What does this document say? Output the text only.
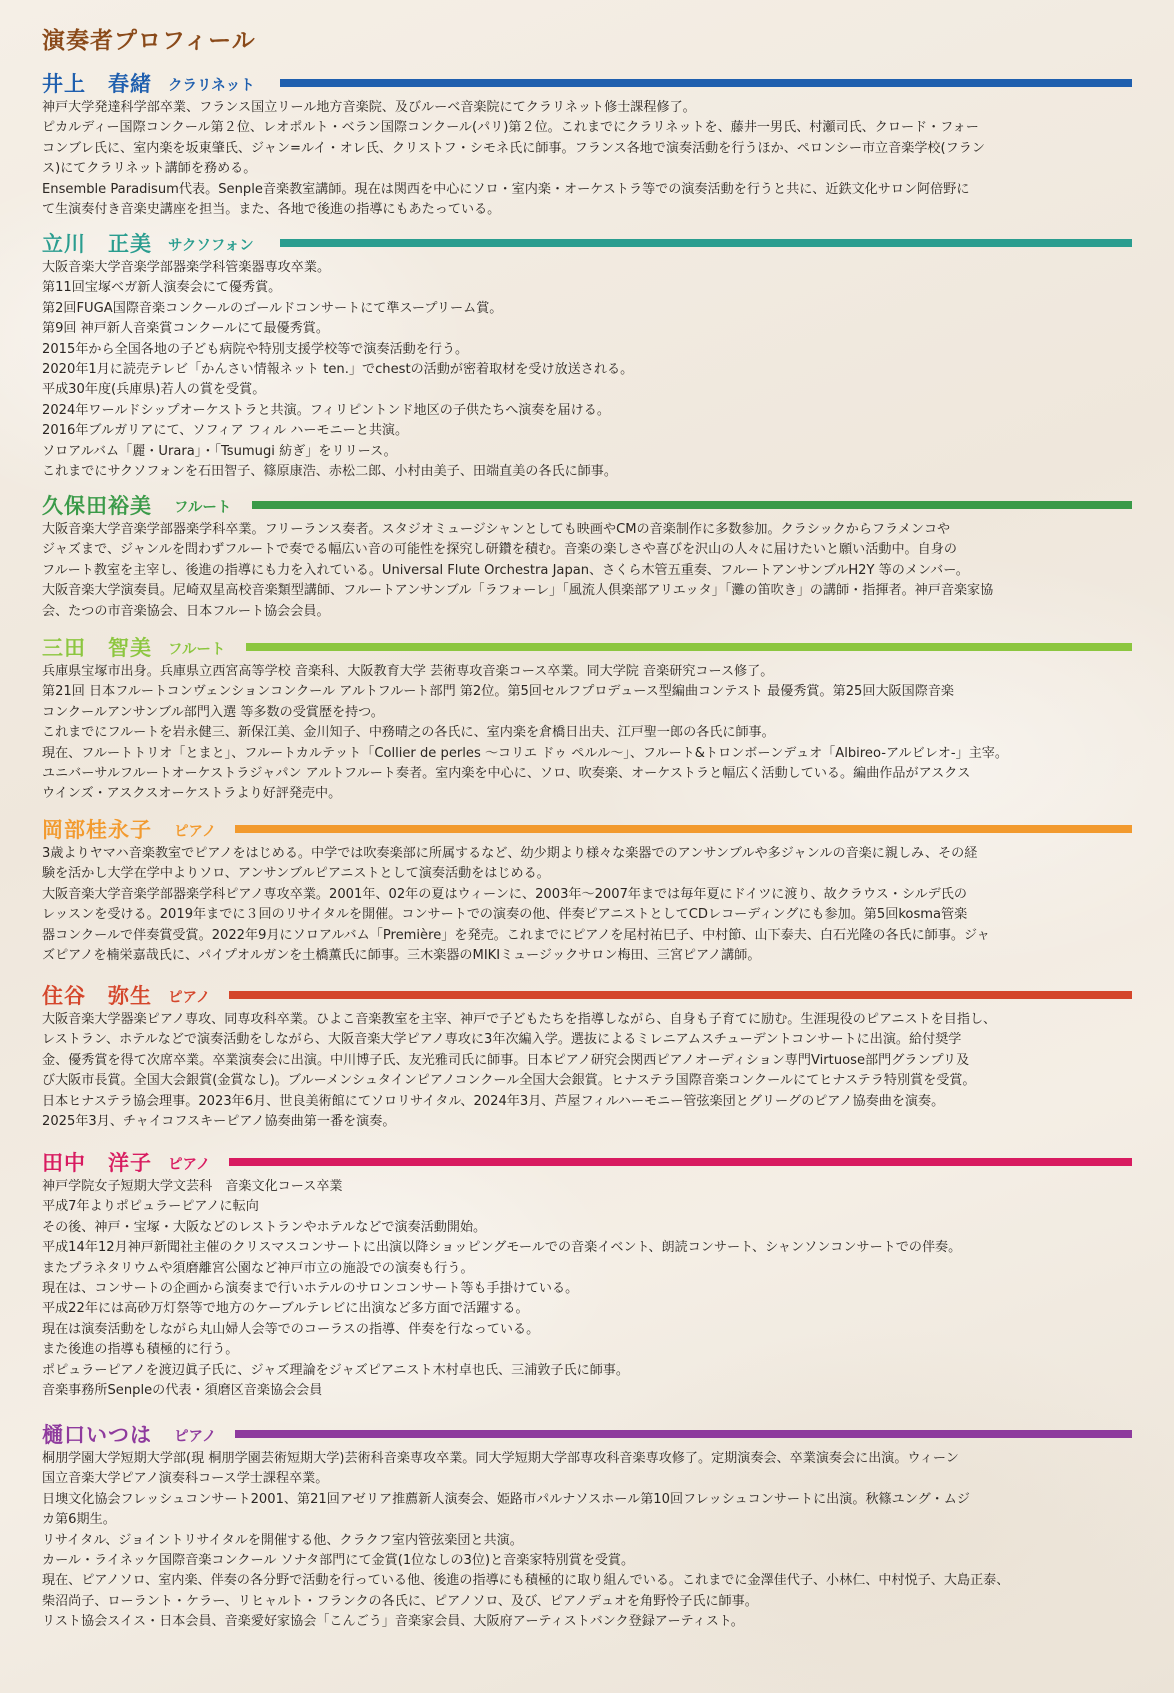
演奏者プロフィール
井上　春緒 クラリネット
神戸大学発達科学部卒業、フランス国立リール地方音楽院、及びルーベ音楽院にてクラリネット修士課程修了。
ピカルディー国際コンクール第２位、レオポルト・ベラン国際コンクール(パリ)第２位。これまでにクラリネットを、藤井一男氏、村瀬司氏、クロード・フォー
コンブレ氏に、室内楽を坂東肇氏、ジャン=ルイ・オレ氏、クリストフ・シモネ氏に師事。フランス各地で演奏活動を行うほか、ペロンシー市立音楽学校(フラン
ス)にてクラリネット講師を務める。
Ensemble Paradisum代表。Senple音楽教室講師。現在は関西を中心にソロ・室内楽・オーケストラ等での演奏活動を行うと共に、近鉄文化サロン阿倍野に
て生演奏付き音楽史講座を担当。また、各地で後進の指導にもあたっている。
立川　正美 サクソフォン
大阪音楽大学音楽学部器楽学科管楽器専攻卒業。
第11回宝塚ベガ新人演奏会にて優秀賞。
第2回FUGA国際音楽コンクールのゴールドコンサートにて準スープリーム賞。
第9回 神戸新人音楽賞コンクールにて最優秀賞。
2015年から全国各地の子ども病院や特別支援学校等で演奏活動を行う。
2020年1月に読売テレビ「かんさい情報ネット ten.」でchestの活動が密着取材を受け放送される。
平成30年度(兵庫県)若人の賞を受賞。
2024年ワールドシップオーケストラと共演。フィリピントンド地区の子供たちへ演奏を届ける。
2016年ブルガリアにて、ソフィア フィル ハーモニーと共演。
ソロアルバム「麗・Urara」・「Tsumugi 紡ぎ」をリリース。
これまでにサクソフォンを石田智子、篠原康浩、赤松二郎、小村由美子、田端直美の各氏に師事。
久保田裕美 フルート
大阪音楽大学音楽学部器楽学科卒業。フリーランス奏者。スタジオミュージシャンとしても映画やCMの音楽制作に多数参加。クラシックからフラメンコや
ジャズまで、ジャンルを問わずフルートで奏でる幅広い音の可能性を探究し研鑽を積む。音楽の楽しさや喜びを沢山の人々に届けたいと願い活動中。自身の
フルート教室を主宰し、後進の指導にも力を入れている。Universal Flute Orchestra Japan、さくら木管五重奏、フルートアンサンブルH2Y 等のメンバー。
大阪音楽大学演奏員。尼崎双星高校音楽類型講師、フルートアンサンブル「ラフォーレ」「風流人倶楽部アリエッタ」「灘の笛吹き」の講師・指揮者。神戸音楽家協
会、たつの市音楽協会、日本フルート協会会員。
三田　智美 フルート
兵庫県宝塚市出身。兵庫県立西宮高等学校 音楽科、大阪教育大学 芸術専攻音楽コース卒業。同大学院 音楽研究コース修了。
第21回 日本フルートコンヴェンションコンクール アルトフルート部門 第2位。第5回セルフプロデュース型編曲コンテスト 最優秀賞。第25回大阪国際音楽
コンクールアンサンブル部門入選 等多数の受賞歴を持つ。
これまでにフルートを岩永健三、新保江美、金川知子、中務晴之の各氏に、室内楽を倉橋日出夫、江戸聖一郎の各氏に師事。
現在、フルートトリオ「とまと」、フルートカルテット「Collier de perles ～コリエ ドゥ ペルル～」、フルート&トロンボーンデュオ「Albireo-アルビレオ-」主宰。
ユニバーサルフルートオーケストラジャパン アルトフルート奏者。室内楽を中心に、ソロ、吹奏楽、オーケストラと幅広く活動している。編曲作品がアスクス
ウインズ・アスクスオーケストラより好評発売中。
岡部桂永子 ピアノ
3歳よりヤマハ音楽教室でピアノをはじめる。中学では吹奏楽部に所属するなど、幼少期より様々な楽器でのアンサンブルや多ジャンルの音楽に親しみ、その経
験を活かし大学在学中よりソロ、アンサンブルピアニストとして演奏活動をはじめる。
大阪音楽大学音楽学部器楽学科ピアノ専攻卒業。2001年、02年の夏はウィーンに、2003年～2007年までは毎年夏にドイツに渡り、故クラウス・シルデ氏の
レッスンを受ける。2019年までに３回のリサイタルを開催。コンサートでの演奏の他、伴奏ピアニストとしてCDレコーディングにも参加。第5回kosma管楽
器コンクールで伴奏賞受賞。2022年9月にソロアルバム「Première」を発売。これまでにピアノを尾村祐巳子、中村節、山下泰夫、白石光隆の各氏に師事。ジャ
ズピアノを楠栄嘉哉氏に、パイプオルガンを土橋薫氏に師事。三木楽器のMIKIミュージックサロン梅田、三宮ピアノ講師。
住谷　弥生 ピアノ
大阪音楽大学器楽ピアノ専攻、同専攻科卒業。ひよこ音楽教室を主宰、神戸で子どもたちを指導しながら、自身も子育てに励む。生涯現役のピアニストを目指し、
レストラン、ホテルなどで演奏活動をしながら、大阪音楽大学ピアノ専攻に3年次編入学。選抜によるミレニアムスチューデントコンサートに出演。給付奨学
金、優秀賞を得て次席卒業。卒業演奏会に出演。中川博子氏、友光雅司氏に師事。日本ピアノ研究会関西ピアノオーディション専門Virtuose部門グランプリ及
び大阪市長賞。全国大会銀賞(金賞なし)。ブルーメンシュタインピアノコンクール全国大会銀賞。ヒナステラ国際音楽コンクールにてヒナステラ特別賞を受賞。
日本ヒナステラ協会理事。2023年6月、世良美術館にてソロリサイタル、2024年3月、芦屋フィルハーモニー管弦楽団とグリーグのピアノ協奏曲を演奏。
2025年3月、チャイコフスキーピアノ協奏曲第一番を演奏。
田中　洋子 ピアノ
神戸学院女子短期大学文芸科　音楽文化コース卒業
平成7年よりポピュラーピアノに転向
その後、神戸・宝塚・大阪などのレストランやホテルなどで演奏活動開始。
平成14年12月神戸新聞社主催のクリスマスコンサートに出演以降ショッピングモールでの音楽イベント、朗読コンサート、シャンソンコンサートでの伴奏。
またプラネタリウムや須磨離宮公園など神戸市立の施設での演奏も行う。
現在は、コンサートの企画から演奏まで行いホテルのサロンコンサート等も手掛けている。
平成22年には高砂万灯祭等で地方のケーブルテレビに出演など多方面で活躍する。
現在は演奏活動をしながら丸山婦人会等でのコーラスの指導、伴奏を行なっている。
また後進の指導も積極的に行う。
ポピュラーピアノを渡辺眞子氏に、ジャズ理論をジャズピアニスト木村卓也氏、三浦敦子氏に師事。
音楽事務所Senpleの代表・須磨区音楽協会会員
樋口いつは ピアノ
桐朋学園大学短期大学部(現 桐朋学園芸術短期大学)芸術科音楽専攻卒業。同大学短期大学部専攻科音楽専攻修了。定期演奏会、卒業演奏会に出演。ウィーン
国立音楽大学ピアノ演奏科コース学士課程卒業。
日墺文化協会フレッシュコンサート2001、第21回アゼリア推薦新人演奏会、姫路市パルナソスホール第10回フレッシュコンサートに出演。秋篠ユング・ムジ
カ第6期生。
リサイタル、ジョイントリサイタルを開催する他、クラクフ室内管弦楽団と共演。
カール・ライネッケ国際音楽コンクール ソナタ部門にて金賞(1位なしの3位)と音楽家特別賞を受賞。
現在、ピアノソロ、室内楽、伴奏の各分野で活動を行っている他、後進の指導にも積極的に取り組んでいる。これまでに金澤佳代子、小林仁、中村悦子、大島正泰、
柴沼尚子、ローラント・ケラー、リヒャルト・フランクの各氏に、ピアノソロ、及び、ピアノデュオを角野怜子氏に師事。
リスト協会スイス・日本会員、音楽愛好家協会「こんごう」音楽家会員、大阪府アーティストバンク登録アーティスト。
